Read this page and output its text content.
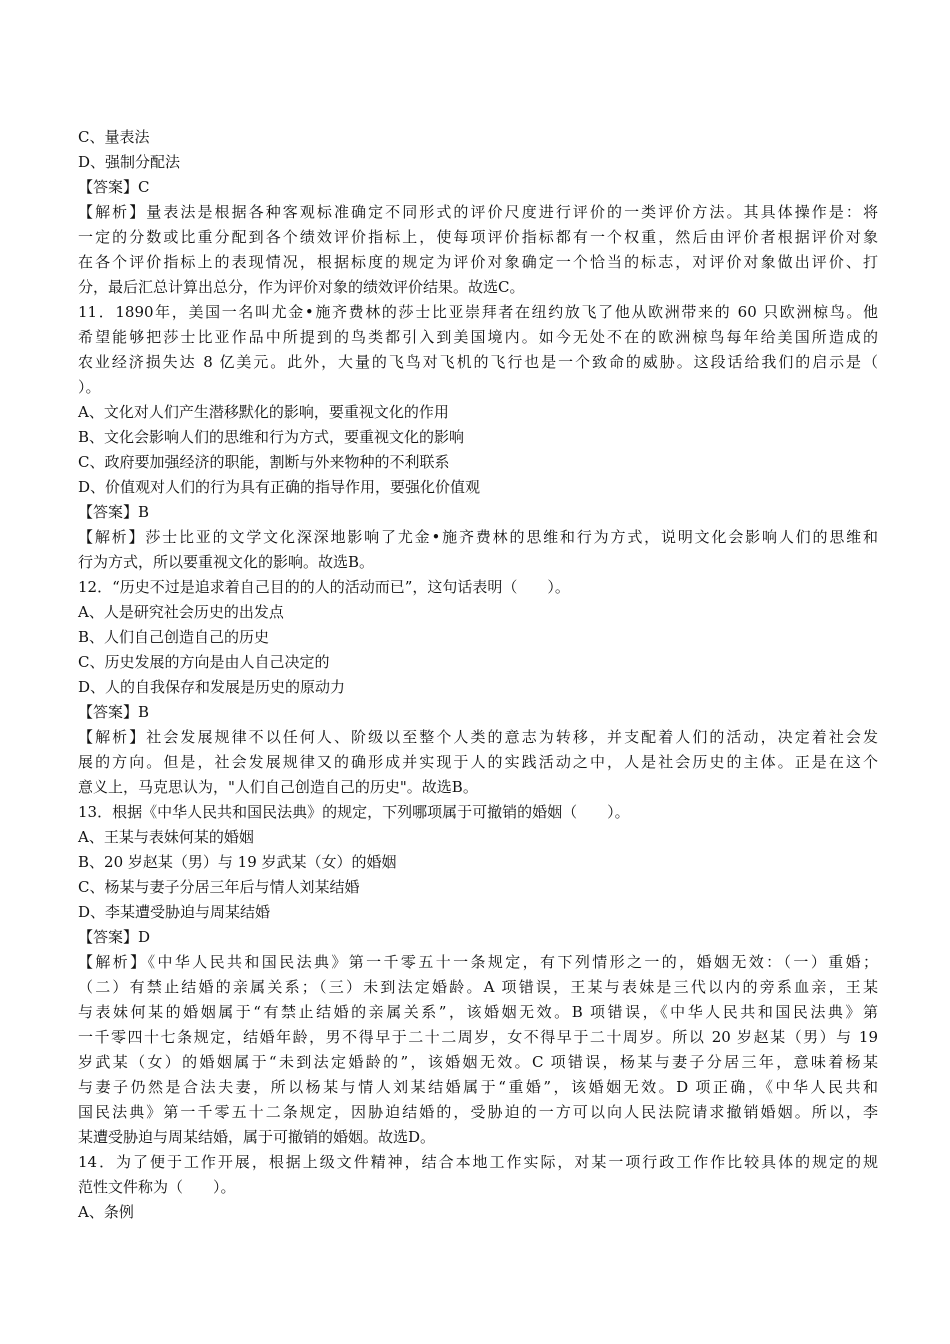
C、量表法
D、强制分配法
【答案】C
【解析】量表法是根据各种客观标准确定不同形式的评价尺度进行评价的一类评价方法。其具体操作是：将
一定的分数或比重分配到各个绩效评价指标上，使每项评价指标都有一个权重，然后由评价者根据评价对象
在各个评价指标上的表现情况，根据标度的规定为评价对象确定一个恰当的标志，对评价对象做出评价、打
分，最后汇总计算出总分，作为评价对象的绩效评价结果。故选C。
11．1890年，美国一名叫尤金•施齐费林的莎士比亚崇拜者在纽约放飞了他从欧洲带来的 60 只欧洲椋鸟。他
希望能够把莎士比亚作品中所提到的鸟类都引入到美国境内。如今无处不在的欧洲椋鸟每年给美国所造成的
农业经济损失达 8 亿美元。此外，大量的飞鸟对飞机的飞行也是一个致命的威胁。这段话给我们的启示是（
）。
A、文化对人们产生潜移默化的影响，要重视文化的作用
B、文化会影响人们的思维和行为方式，要重视文化的影响
C、政府要加强经济的职能，割断与外来物种的不利联系
D、价值观对人们的行为具有正确的指导作用，要强化价值观
【答案】B
【解析】莎士比亚的文学文化深深地影响了尤金•施齐费林的思维和行为方式，说明文化会影响人们的思维和
行为方式，所以要重视文化的影响。故选B。
12．“历史不过是追求着自己目的的人的活动而已”，这句话表明（　　）。
A、人是研究社会历史的出发点
B、人们自己创造自己的历史
C、历史发展的方向是由人自己决定的
D、人的自我保存和发展是历史的原动力
【答案】B
【解析】社会发展规律不以任何人、阶级以至整个人类的意志为转移，并支配着人们的活动，决定着社会发
展的方向。但是，社会发展规律又的确形成并实现于人的实践活动之中，人是社会历史的主体。正是在这个
意义上，马克思认为，"人们自己创造自己的历史"。故选B。
13．根据《中华人民共和国民法典》的规定，下列哪项属于可撤销的婚姻（　　）。
A、王某与表妹何某的婚姻
B、20 岁赵某（男）与 19 岁武某（女）的婚姻
C、杨某与妻子分居三年后与情人刘某结婚
D、李某遭受胁迫与周某结婚
【答案】D
【解析】《中华人民共和国民法典》第一千零五十一条规定，有下列情形之一的，婚姻无效：（一）重婚；
（二）有禁止结婚的亲属关系；（三）未到法定婚龄。A 项错误，王某与表妹是三代以内的旁系血亲，王某
与表妹何某的婚姻属于“有禁止结婚的亲属关系”，该婚姻无效。B 项错误，《中华人民共和国民法典》第
一千零四十七条规定，结婚年龄，男不得早于二十二周岁，女不得早于二十周岁。所以 20 岁赵某（男）与 19
岁武某（女）的婚姻属于“未到法定婚龄的”，该婚姻无效。C 项错误，杨某与妻子分居三年，意味着杨某
与妻子仍然是合法夫妻，所以杨某与情人刘某结婚属于“重婚”，该婚姻无效。D 项正确，《中华人民共和
国民法典》第一千零五十二条规定，因胁迫结婚的，受胁迫的一方可以向人民法院请求撤销婚姻。所以，李
某遭受胁迫与周某结婚，属于可撤销的婚姻。故选D。
14．为了便于工作开展，根据上级文件精神，结合本地工作实际，对某一项行政工作作比较具体的规定的规
范性文件称为（　　）。
A、条例
